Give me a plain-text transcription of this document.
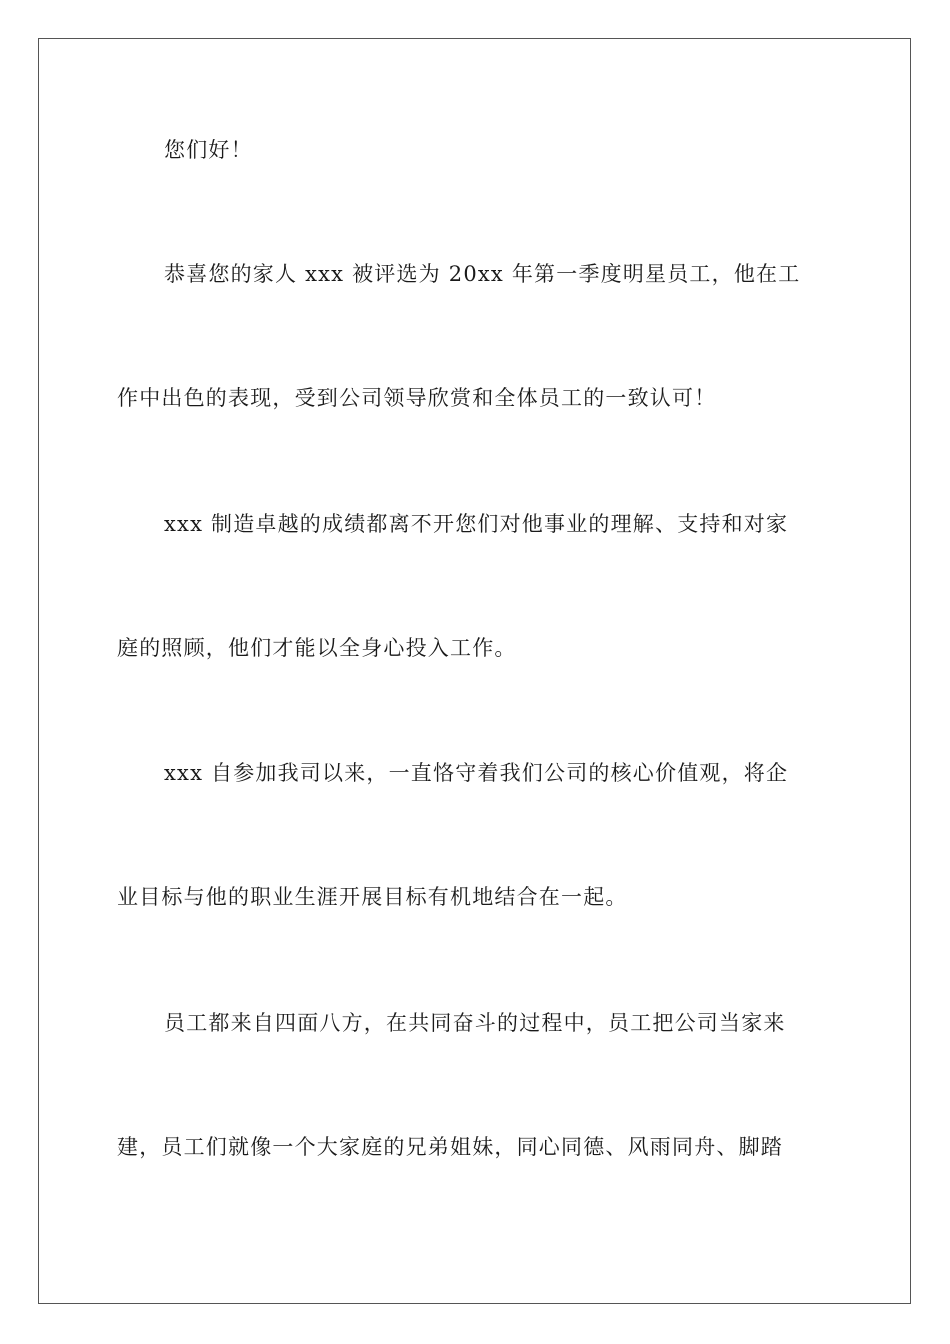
您们好！
恭喜您的家人 xxx 被评选为 20xx 年第一季度明星员工，他在工
作中出色的表现，受到公司领导欣赏和全体员工的一致认可！
xxx 制造卓越的成绩都离不开您们对他事业的理解、支持和对家
庭的照顾，他们才能以全身心投入工作。
xxx 自参加我司以来，一直恪守着我们公司的核心价值观，将企
业目标与他的职业生涯开展目标有机地结合在一起。
员工都来自四面八方，在共同奋斗的过程中，员工把公司当家来
建，员工们就像一个大家庭的兄弟姐妹，同心同德、风雨同舟、脚踏
